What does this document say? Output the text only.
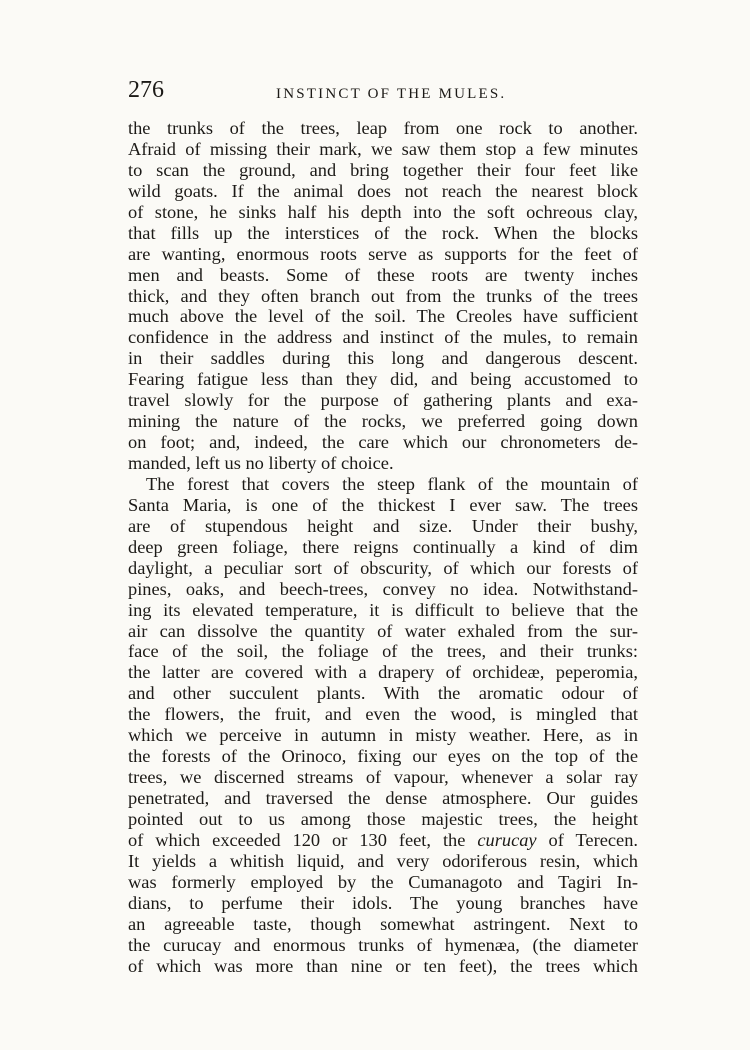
276	INSTINCT OF THE MULES.
the trunks of the trees, leap from one rock to another.
Afraid of missing their mark, we saw them stop a few minutes
to scan the ground, and bring together their four feet like
wild goats. If the animal does not reach the nearest block
of stone, he sinks half his depth into the soft ochreous clay,
that fills up the interstices of the rock. When the blocks
are wanting, enormous roots serve as supports for the feet of
men and beasts. Some of these roots are twenty inches
thick, and they often branch out from the trunks of the trees
much above the level of the soil. The Creoles have sufficient
confidence in the address and instinct of the mules, to remain
in their saddles during this long and dangerous descent.
Fearing fatigue less than they did, and being accustomed to
travel slowly for the purpose of gathering plants and exa-
mining the nature of the rocks, we preferred going down
on foot; and, indeed, the care which our chronometers de-
manded, left us no liberty of choice.
The forest that covers the steep flank of the mountain of
Santa Maria, is one of the thickest I ever saw. The trees
are of stupendous height and size. Under their bushy,
deep green foliage, there reigns continually a kind of dim
daylight, a peculiar sort of obscurity, of which our forests of
pines, oaks, and beech-trees, convey no idea. Notwithstand-
ing its elevated temperature, it is difficult to believe that the
air can dissolve the quantity of water exhaled from the sur-
face of the soil, the foliage of the trees, and their trunks:
the latter are covered with a drapery of orchideæ, peperomia,
and other succulent plants. With the aromatic odour of
the flowers, the fruit, and even the wood, is mingled that
which we perceive in autumn in misty weather. Here, as in
the forests of the Orinoco, fixing our eyes on the top of the
trees, we discerned streams of vapour, whenever a solar ray
penetrated, and traversed the dense atmosphere. Our guides
pointed out to us among those majestic trees, the height
of which exceeded 120 or 130 feet, the curucay of Terecen.
It yields a whitish liquid, and very odoriferous resin, which
was formerly employed by the Cumanagoto and Tagiri In-
dians, to perfume their idols. The young branches have
an agreeable taste, though somewhat astringent. Next to
the curucay and enormous trunks of hymenæa, (the diameter
of which was more than nine or ten feet), the trees which
